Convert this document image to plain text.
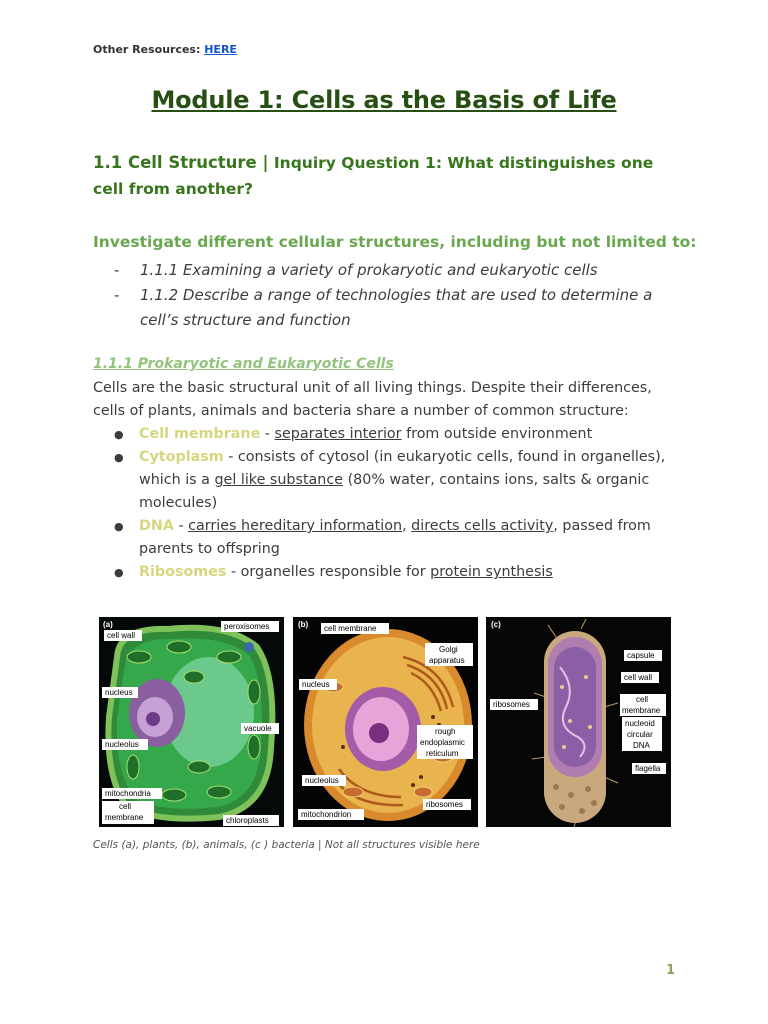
Other Resources: HERE
Module 1: Cells as the Basis of Life
1.1 Cell Structure | Inquiry Question 1: What distinguishes one cell from another?
Investigate different cellular structures, including but not limited to:
-	1.1.1 Examining a variety of prokaryotic and eukaryotic cells
-	1.1.2 Describe a range of technologies that are used to determine a cell’s structure and function
1.1.1 Prokaryotic and Eukaryotic Cells
Cells are the basic structural unit of all living things. Despite their differences, cells of plants, animals and bacteria share a number of common structure:
●	Cell membrane - separates interior from outside environment
●	Cytoplasm - consists of cytosol (in eukaryotic cells, found in organelles), which is a gel like substance (80% water, contains ions, salts & organic molecules)
●	DNA - carries hereditary information, directs cells activity, passed from parents to offspring
●	Ribosomes - organelles responsible for protein synthesis
(a)
cell wall
peroxisomes
nucleus
vacuole
nucleolus
mitochondria
cell
membrane	chloroplasts
(b) cell membrane
Golgi
apparatus
nucleus
rough
endoplasmic
reticulum
nucleolus
ribosomes
mitochondrion
(c)
capsule
cell wall
ribosomes
cell
membrane
nucleoid
circular
DNA
flagella
Cells (a), plants, (b), animals, (c ) bacteria | Not all structures visible here
1
